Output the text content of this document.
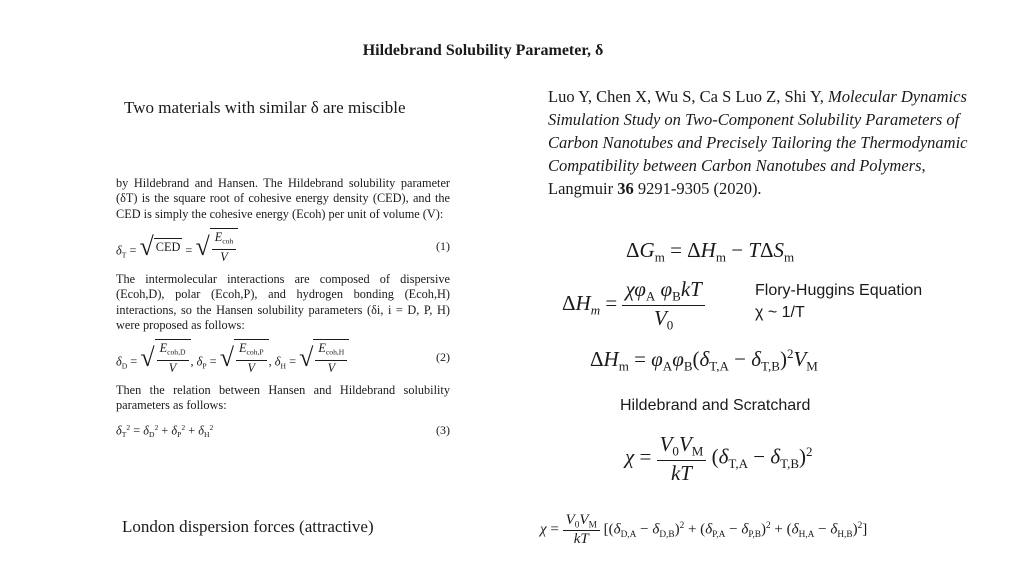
Hildebrand Solubility Parameter, δ
Two materials with similar δ are miscible
Luo Y, Chen X, Wu S, Ca S Luo Z, Shi Y, Molecular Dynamics Simulation Study on Two-Component Solubility Parameters of Carbon Nanotubes and Precisely Tailoring the Thermodynamic Compatibility between Carbon Nanotubes and Polymers, Langmuir 36 9291-9305 (2020).

by Hildebrand and Hansen. The Hildebrand solubility parameter (δT) is the square root of cohesive energy density (CED), and the CED is simply the cohesive energy (Ecoh) per unit of volume (V):

$\delta_T$ = √ CED = √ $\frac{E_{coh}}{V}$	(1)

The intermolecular interactions are composed of dispersive (Ecoh,D), polar (Ecoh,P), and hydrogen bonding (Ecoh,H) interactions, so the Hansen solubility parameters (δi, i = D, P, H) were proposed as follows:

$\delta_D$ = √ $\frac{E_{coh,D}}{V}$ , $\delta_P$ = √ $\frac{E_{coh,P}}{V}$ , $\delta_H$ = √ $\frac{E_{coh,H}}{V}$	(2)

Then the relation between Hansen and Hildebrand solubility parameters as follows:

$\delta_T^2 = \delta_D^2 + \delta_P^2 + \delta_H^2$	(3)
London dispersion forces (attractive)
$\Delta G_m = \Delta H_m - T\Delta S_m$
$\Delta H_m = \frac{\chi\varphi_A \varphi_BkT}{V_0}$	Flory-Huggins Equation
χ ~ 1/T
$\Delta H_m = \varphi_A\varphi_B(\delta_{T,A} - \delta_{T,B})^2V_M$
Hildebrand and Scratchard
$\chi = \frac{V_0V_M}{kT} (\delta_{T,A} - \delta_{T,B})^2$
$\chi = \frac{V_0V_M}{kT} [(\delta_{D,A} - \delta_{D,B})^2 + (\delta_{P,A} - \delta_{P,B})^2 + (\delta_{H,A} - \delta_{H,B})^2]$
